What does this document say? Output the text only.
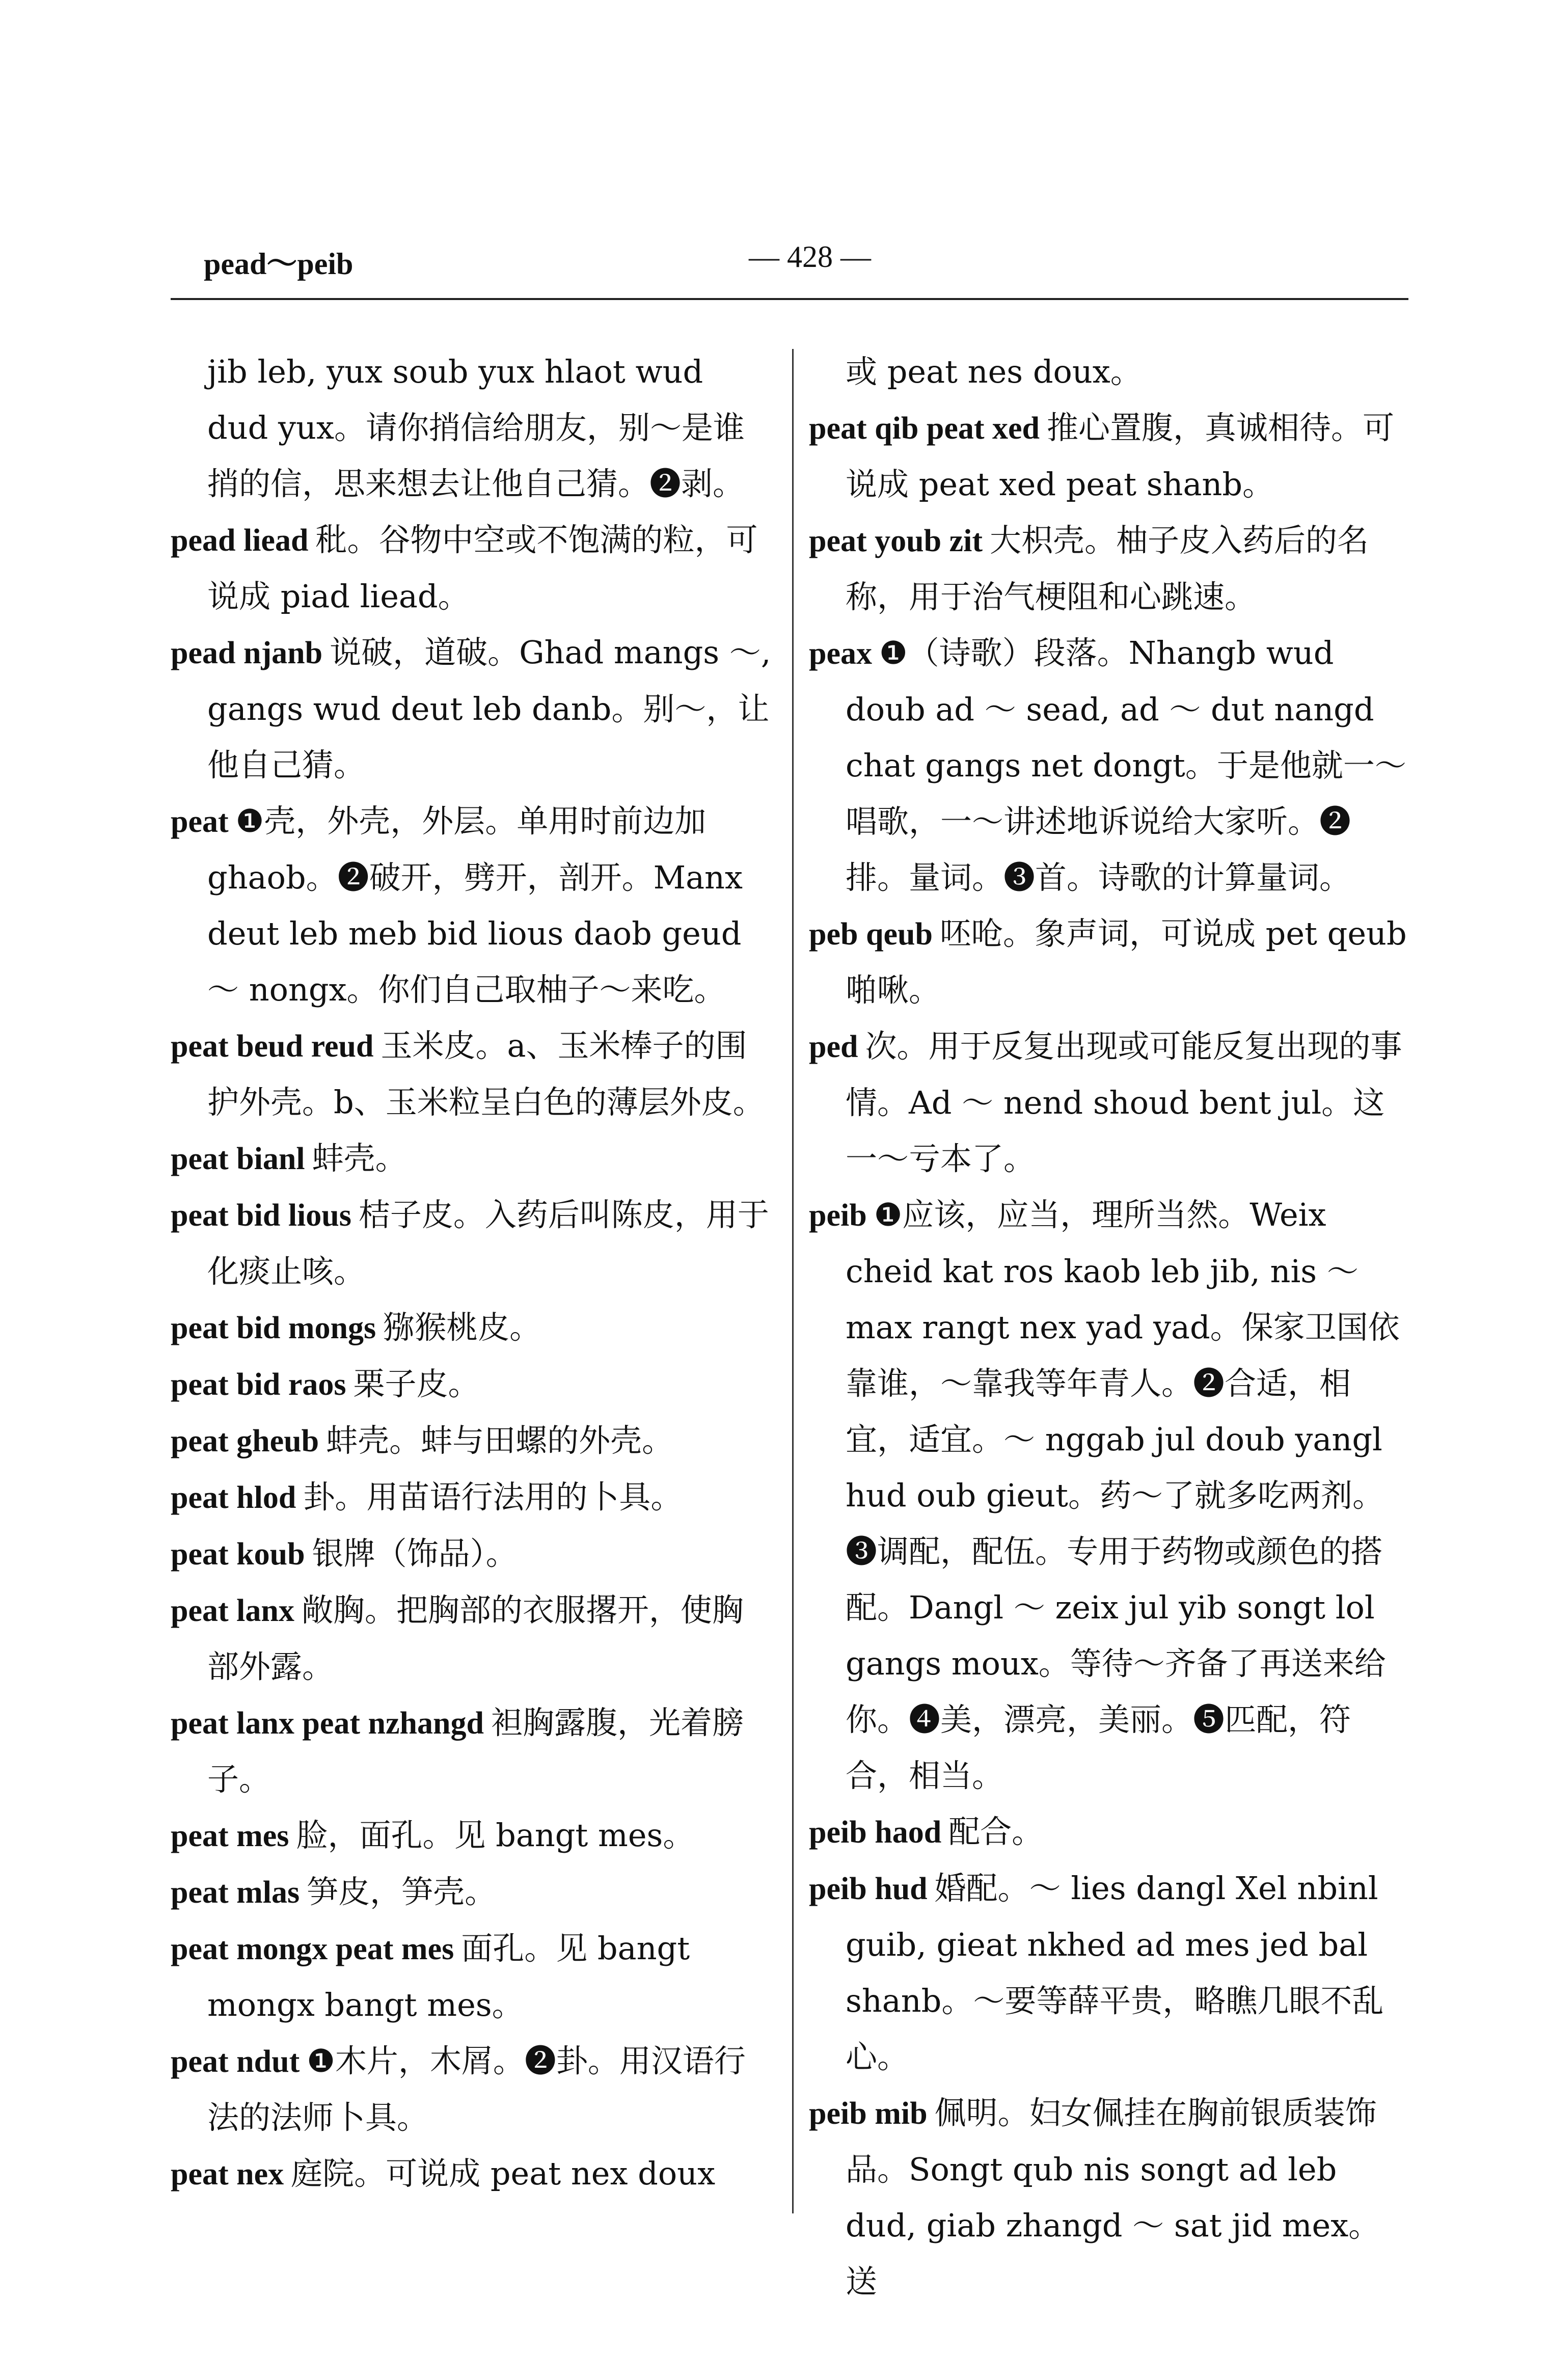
pead～peib	— 428 —

jib leb, yux soub yux hlaot wud dud yux。请你捎信给朋友，别～是谁捎的信，思来想去让他自己猜。❷剥。

pead liead 秕。谷物中空或不饱满的粒，可说成 piad liead。

pead njanb 说破，道破。Ghad mangs ～, gangs wud deut leb danb。别～，让他自己猜。

peat ❶壳，外壳，外层。单用时前边加 ghaob。❷破开，劈开，剖开。Manx deut leb meb bid lious daob geud ～ nongx。你们自己取柚子～来吃。

peat beud reud 玉米皮。a、玉米棒子的围护外壳。b、玉米粒呈白色的薄层外皮。

peat bianl 蚌壳。

peat bid lious 桔子皮。入药后叫陈皮，用于化痰止咳。

peat bid mongs 猕猴桃皮。

peat bid raos 栗子皮。

peat gheub 蚌壳。蚌与田螺的外壳。

peat hlod 卦。用苗语行法用的卜具。

peat koub 银牌（饰品）。

peat lanx 敞胸。把胸部的衣服撂开，使胸部外露。

peat lanx peat nzhangd 袒胸露腹，光着膀子。

peat mes 脸，面孔。见 bangt mes。

peat mlas 笋皮，笋壳。

peat mongx peat mes 面孔。见 bangt mongx bangt mes。

peat ndut ❶木片，木屑。❷卦。用汉语行法的法师卜具。

peat nex 庭院。可说成 peat nex doux

或 peat nes doux。

peat qib peat xed 推心置腹，真诚相待。可说成 peat xed peat shanb。

peat youb zit 大枳壳。柚子皮入药后的名称，用于治气梗阻和心跳速。

peax ❶（诗歌）段落。Nhangb wud doub ad ～ sead, ad ～ dut nangd chat gangs net dongt。于是他就一～唱歌，一～讲述地诉说给大家听。❷排。量词。❸首。诗歌的计算量词。

peb qeub 呸呛。象声词，可说成 pet qeub 啪啾。

ped 次。用于反复出现或可能反复出现的事情。Ad ～ nend shoud bent jul。这一～亏本了。

peib ❶应该，应当，理所当然。Weix cheid kat ros kaob leb jib, nis ～ max rangt nex yad yad。保家卫国依靠谁，～靠我等年青人。❷合适，相宜，适宜。～ nggab jul doub yangl hud oub gieut。药～了就多吃两剂。❸调配，配伍。专用于药物或颜色的搭配。Dangl ～ zeix jul yib songt lol gangs moux。等待～齐备了再送来给你。❹美，漂亮，美丽。❺匹配，符合，相当。

peib haod 配合。

peib hud 婚配。～ lies dangl Xel nbinl guib, gieat nkhed ad mes jed bal shanb。～要等薛平贵，略瞧几眼不乱心。

peib mib 佩明。妇女佩挂在胸前银质装饰品。Songt qub nis songt ad leb dud, giab zhangd ～ sat jid mex。送
